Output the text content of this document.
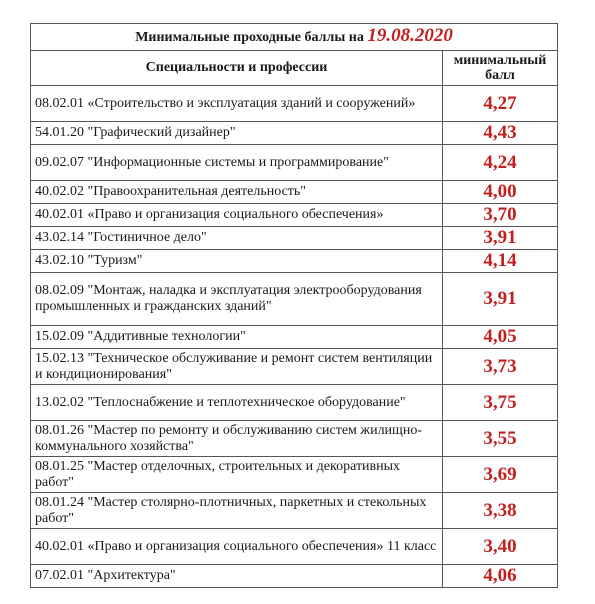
Минимальные проходные баллы на 19.08.2020	
Специальности и профессии	минимальный балл
08.02.01 «Строительство и эксплуатация зданий и сооружений»	4,27
54.01.20 "Графический дизайнер"	4,43
09.02.07 "Информационные системы и программирование"	4,24
40.02.02 "Правоохранительная деятельность"	4,00
40.02.01 «Право и организация социального обеспечения»	3,70
43.02.14 "Гостиничное дело"	3,91
43.02.10 "Туризм"	4,14
08.02.09 "Монтаж, наладка и эксплуатация электрооборудования промышленных и гражданских зданий"	3,91
15.02.09 "Аддитивные технологии"	4,05
15.02.13 "Техническое обслуживание и ремонт систем вентиляции и кондиционирования"	3,73
13.02.02 "Теплоснабжение и теплотехническое оборудование"	3,75
08.01.26 "Мастер по ремонту и обслуживанию систем жилищно-коммунального хозяйства"	3,55
08.01.25 "Мастер отделочных, строительных и декоративных работ"	3,69
08.01.24 "Мастер столярно-плотничных, паркетных и стекольных работ"	3,38
40.02.01 «Право и организация социального обеспечения» 11 класс	3,40
07.02.01 "Архитектура"	4,06
